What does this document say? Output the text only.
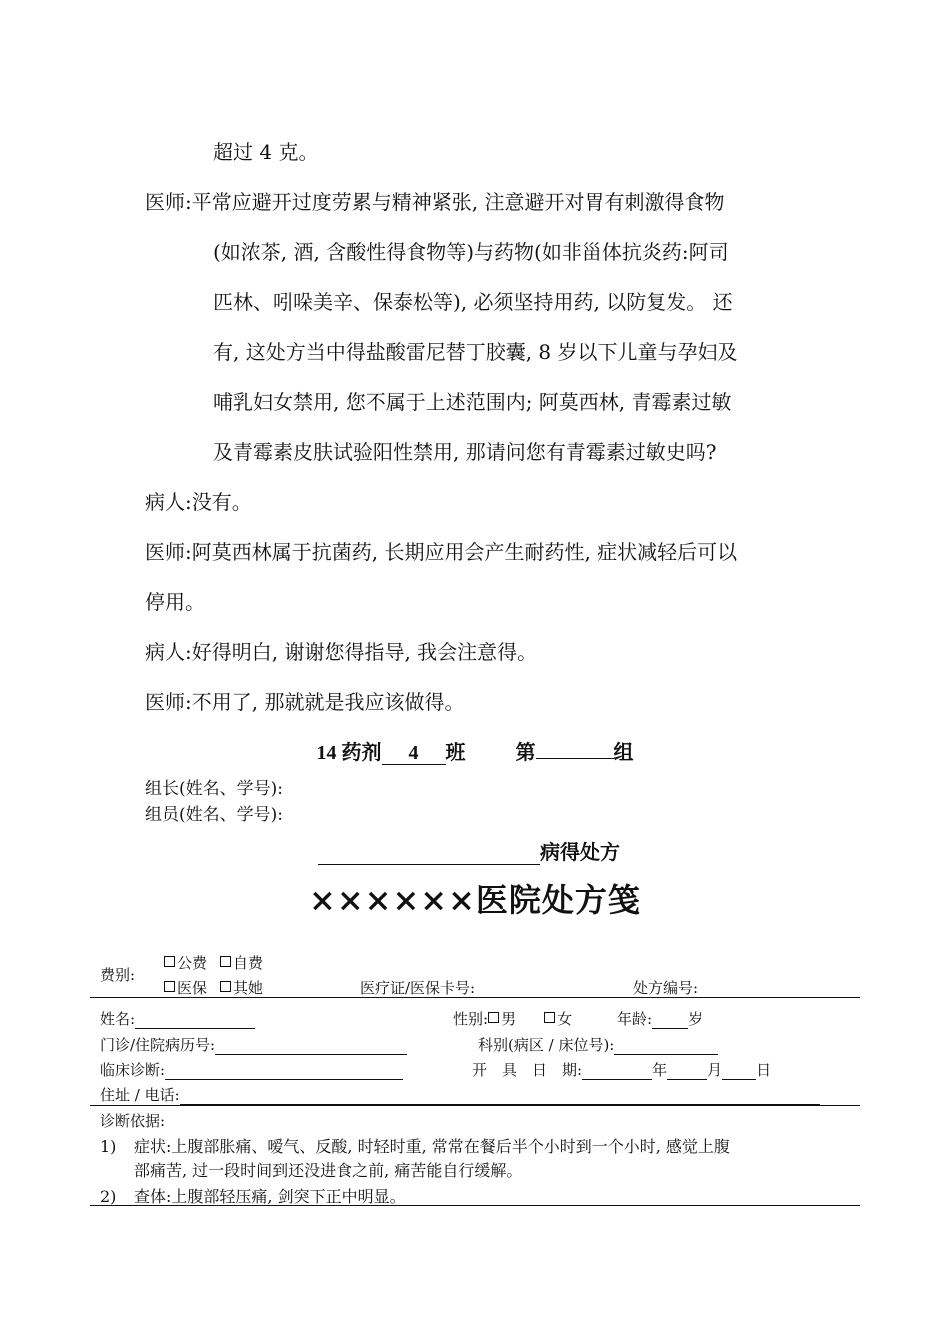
超过 4 克。
医师:平常应避开过度劳累与精神紧张, 注意避开对胃有刺激得食物
(如浓茶, 酒, 含酸性得食物等)与药物(如非甾体抗炎药:阿司
匹林、吲哚美辛、保泰松等), 必须坚持用药, 以防复发。 还
有, 这处方当中得盐酸雷尼替丁胶囊, 8 岁以下儿童与孕妇及
哺乳妇女禁用, 您不属于上述范围内; 阿莫西林, 青霉素过敏
及青霉素皮肤试验阳性禁用, 那请问您有青霉素过敏史吗?
病人:没有。
医师:阿莫西林属于抗菌药, 长期应用会产生耐药性, 症状减轻后可以
停用。
病人:好得明白, 谢谢您得指导, 我会注意得。
医师:不用了, 那就就是我应该做得。
14 药剂 4 班	第	组
组长(姓名、学号):
组员(姓名、学号):
病得处方
××××××医院处方笺
费别:
公费	自费
医保	其她	医疗证/医保卡号:	处方编号:
姓名:	性别: 男	女	年龄: 岁
门诊/住院病历号:	科别(病区 / 床位号):
临床诊断:	开　具　日　期:	年	月 日
住址 / 电话:
诊断依据:
1) 症状:上腹部胀痛、嗳气、反酸, 时轻时重, 常常在餐后半个小时到一个小时, 感觉上腹
部痛苦, 过一段时间到还没进食之前, 痛苦能自行缓解。
2) 查体:上腹部轻压痛, 剑突下正中明显。
